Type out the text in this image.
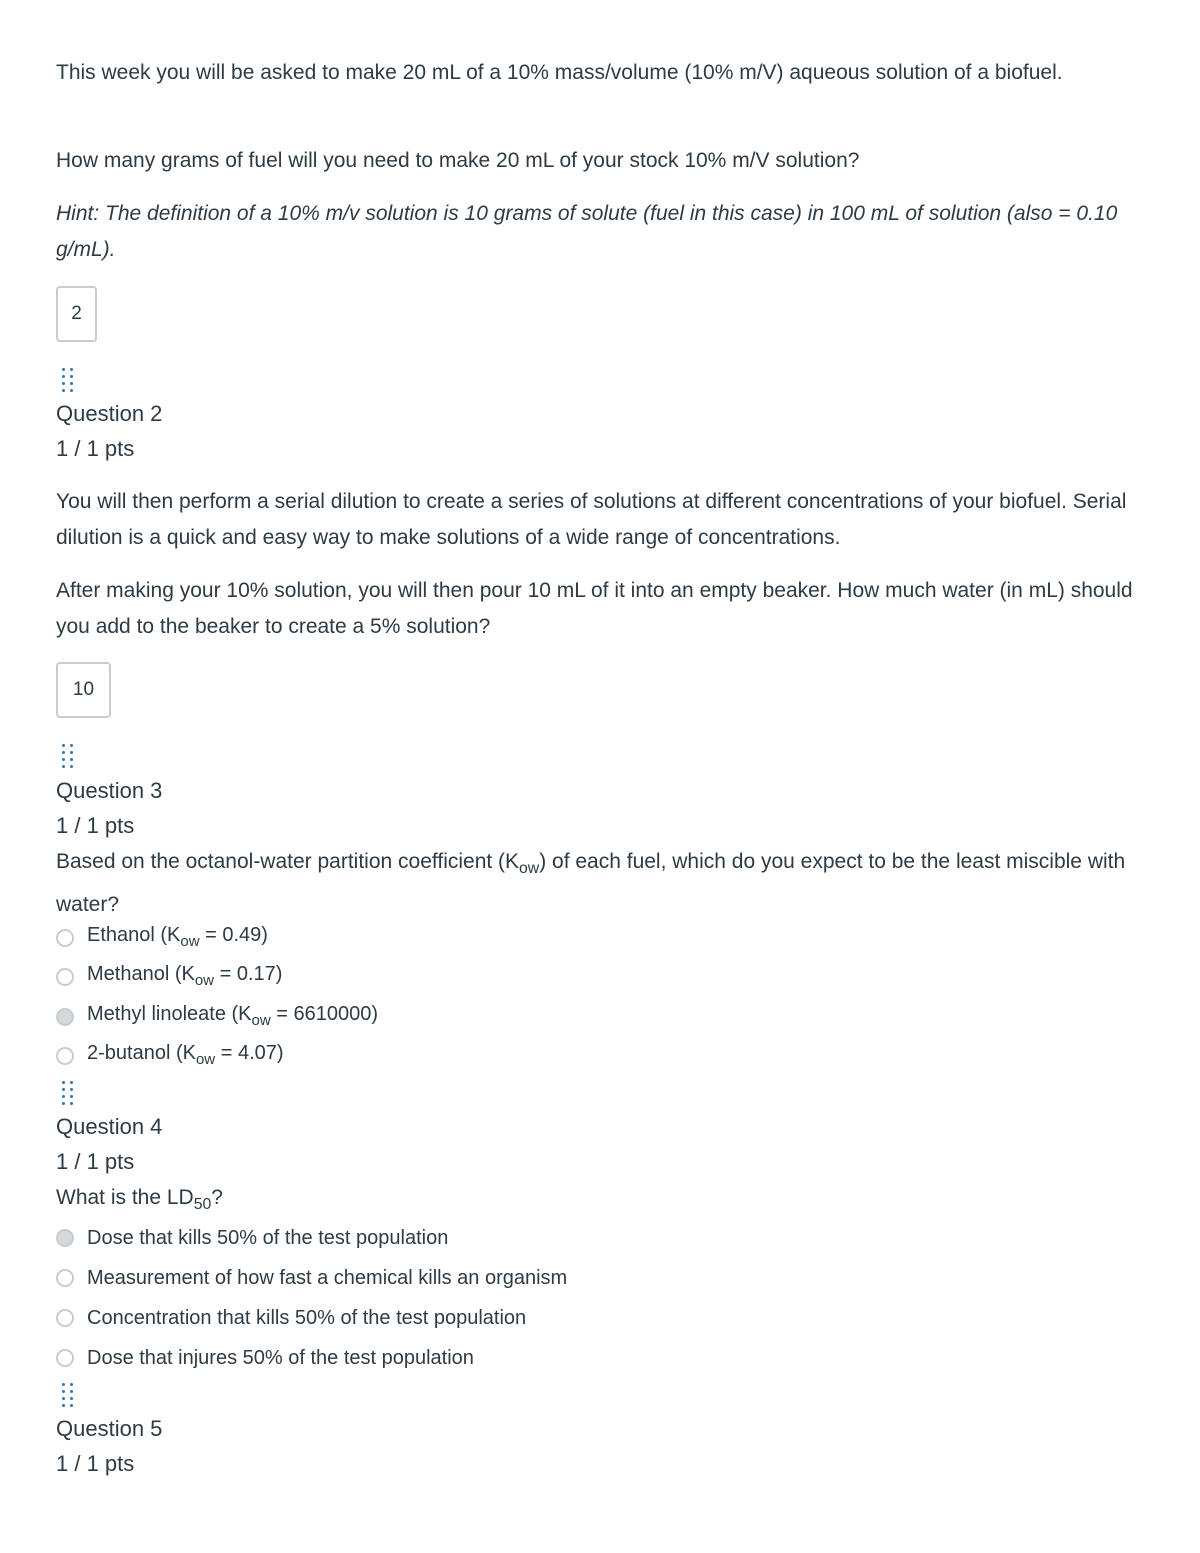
This week you will be asked to make 20 mL of a 10% mass/volume (10% m/V) aqueous solution of a biofuel.

How many grams of fuel will you need to make 20 mL of your stock 10% m/V solution?

Hint: The definition of a 10% m/v solution is 10 grams of solute (fuel in this case) in 100 mL of solution (also = 0.10 g/mL).

2
Question 2
1 / 1 pts

You will then perform a serial dilution to create a series of solutions at different concentrations of your biofuel. Serial dilution is a quick and easy way to make solutions of a wide range of concentrations.

After making your 10% solution, you will then pour 10 mL of it into an empty beaker. How much water (in mL) should you add to the beaker to create a 5% solution?

10
Question 3
1 / 1 pts

Based on the octanol-water partition coefficient $(K_{ow})$ of each fuel, which do you expect to be the least miscible with water?

Ethanol $(K_{ow} = 0.49)$
Methanol $(K_{ow} = 0.17)$
Methyl linoleate $(K_{ow} = 6610000)$
2-butanol $(K_{ow} = 4.07)$
Question 4
1 / 1 pts

What is the $LD_{50}$?

Dose that kills 50% of the test population
Measurement of how fast a chemical kills an organism
Concentration that kills 50% of the test population
Dose that injures 50% of the test population
Question 5
1 / 1 pts
